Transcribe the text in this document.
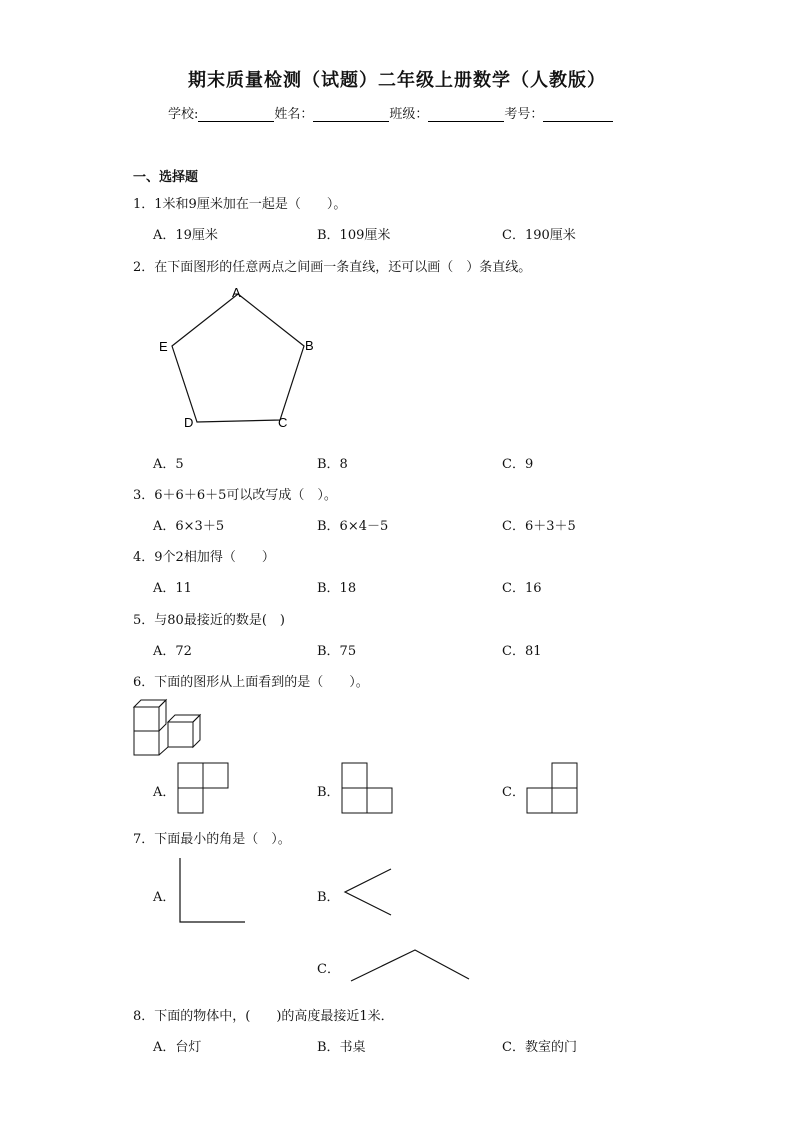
期末质量检测（试题）二年级上册数学（人教版）
学校:	姓名：	班级：	考号：
一、选择题
1．1米和9厘米加在一起是（　　）。
A．19厘米	B．109厘米	C．190厘米
2．在下面图形的任意两点之间画一条直线，还可以画（　）条直线。
A
B
C
D
E
A．5	B．8	C．9
3．6＋6＋6＋5可以改写成（　）。
A．6×3＋5	B．6×4－5	C．6＋3＋5
4．9个2相加得（　　）
A．11	B．18	C．16
5．与80最接近的数是(　)
A．72	B．75	C．81
6．下面的图形从上面看到的是（　　）。
A．	B．	C．
7．下面最小的角是（　）。
A．	B．
C．
8．下面的物体中，(　　)的高度最接近1米．
A．台灯	B．书桌	C．教室的门
